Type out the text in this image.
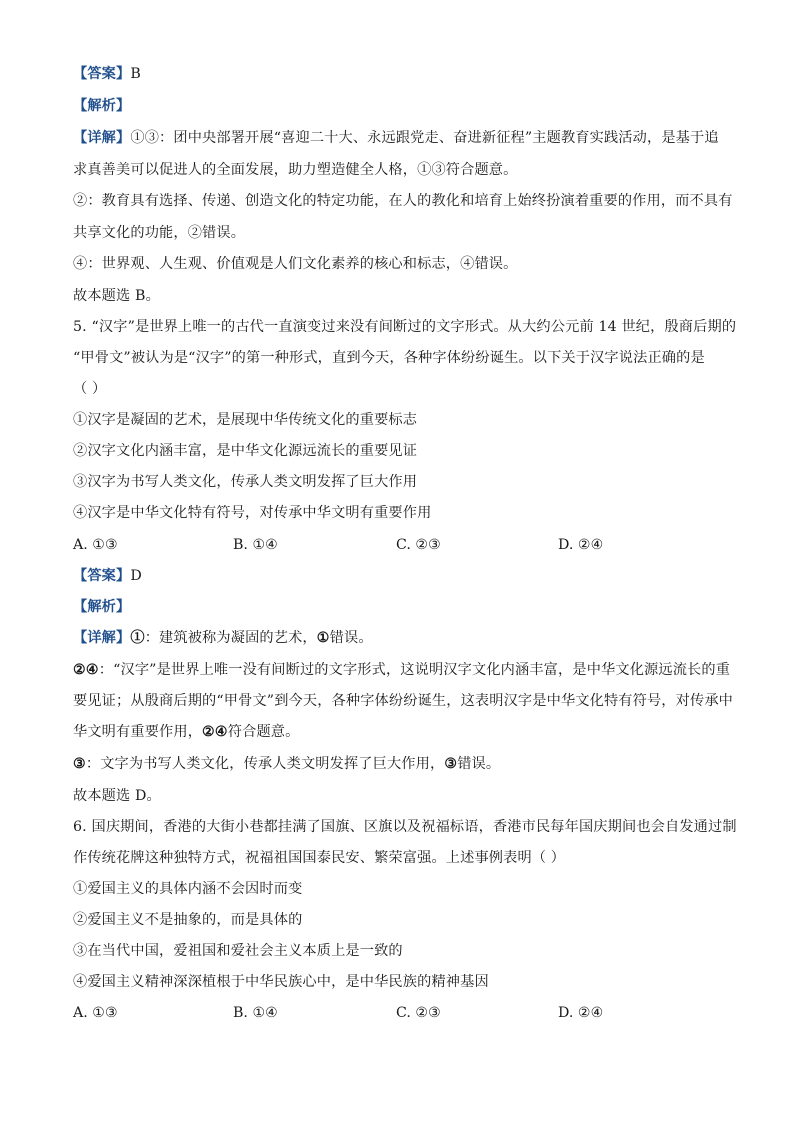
【答案】B

【解析】

【详解】①③：团中央部署开展“喜迎二十大、永远跟党走、奋进新征程”主题教育实践活动，是基于追

求真善美可以促进人的全面发展，助力塑造健全人格，①③符合题意。

②：教育具有选择、传递、创造文化的特定功能，在人的教化和培育上始终扮演着重要的作用，而不具有

共享文化的功能，②错误。

④：世界观、人生观、价值观是人们文化素养的核心和标志，④错误。

故本题选 B。

5. “汉字”是世界上唯一的古代一直演变过来没有间断过的文字形式。从大约公元前 14 世纪，殷商后期的

“甲骨文”被认为是“汉字”的第一种形式，直到今天，各种字体纷纷诞生。以下关于汉字说法正确的是

（ ）

①汉字是凝固的艺术，是展现中华传统文化的重要标志

②汉字文化内涵丰富，是中华文化源远流长的重要见证

③汉字为书写人类文化，传承人类文明发挥了巨大作用

④汉字是中华文化特有符号，对传承中华文明有重要作用

A. ①③	B. ①④	C. ②③	D. ②④

【答案】D

【解析】

【详解】①：建筑被称为凝固的艺术，①错误。

②④：“汉字”是世界上唯一没有间断过的文字形式，这说明汉字文化内涵丰富，是中华文化源远流长的重

要见证；从殷商后期的“甲骨文”到今天，各种字体纷纷诞生，这表明汉字是中华文化特有符号，对传承中

华文明有重要作用，②④符合题意。

③：文字为书写人类文化，传承人类文明发挥了巨大作用，③错误。

故本题选 D。

6. 国庆期间，香港的大街小巷都挂满了国旗、区旗以及祝福标语，香港市民每年国庆期间也会自发通过制

作传统花牌这种独特方式，祝福祖国国泰民安、繁荣富强。上述事例表明（ ）

①爱国主义的具体内涵不会因时而变

②爱国主义不是抽象的，而是具体的

③在当代中国，爱祖国和爱社会主义本质上是一致的

④爱国主义精神深深植根于中华民族心中，是中华民族的精神基因

A. ①③	B. ①④	C. ②③	D. ②④
